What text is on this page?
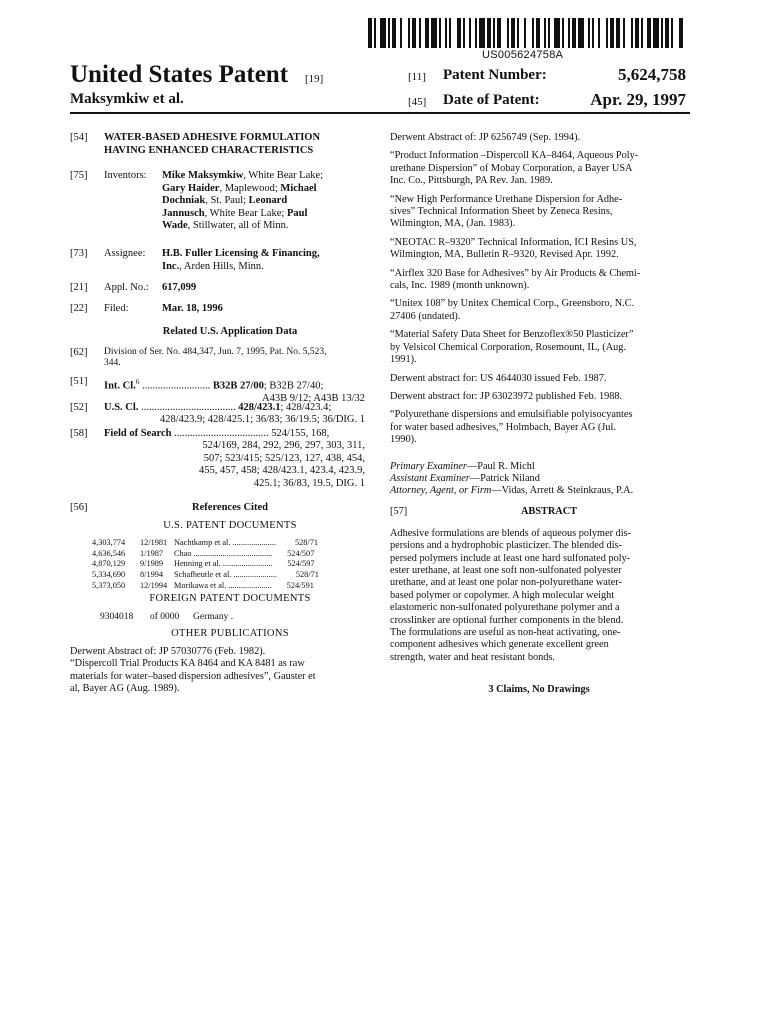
US005624758A
United States Patent [19]
Maksymkiw et al.
[11] Patent Number:	5,624,758
[45] Date of Patent:	Apr. 29, 1997
[54]	WATER-BASED ADHESIVE FORMULATION
HAVING ENHANCED CHARACTERISTICS
[75]	Inventors: Mike Maksymkiw, White Bear Lake;
Gary Haider, Maplewood; Michael
Dochniak, St. Paul; Leonard
Jannusch, White Bear Lake; Paul
Wade, Stillwater, all of Minn.
[73]	Assignee: H.B. Fuller Licensing & Financing,
Inc., Arden Hills, Minn.
[21]	Appl. No.: 617,099
[22]	Filed:	Mar. 18, 1996
Related U.S. Application Data
[62]	Division of Ser. No. 484,347, Jun. 7, 1995, Pat. No. 5,523,
344.
[51]	Int. Cl.$^6$ .......................... B32B 27/00; B32B 27/40;
A43B 9/12; A43B 13/32
[52]	U.S. Cl. .................................... 428/423.1; 428/423.4;
428/423.9; 428/425.1; 36/83; 36/19.5; 36/DIG. 1
[58]	Field of Search .................................... 524/155, 168,
524/169, 284, 292, 296, 297, 303, 311,
507; 523/415; 525/123, 127, 438, 454,
455, 457, 458; 428/423.1, 423.4, 423.9,
425.1; 36/83, 19.5, DIG. 1
[56]	References Cited
U.S. PATENT DOCUMENTS
4,303,774	12/1981 Nachtkamp et al. .....................	528/71
4,636,546	1/1987	Chao ......................................	524/507
4,870,129	9/1989	Henning et al. ........................	524/597
5,334,690	8/1994	Schafheutle et al. .....................	528/71
5,373,050	12/1994 Morikawa et al. .....................	524/591
FOREIGN PATENT DOCUMENTS
9304018	of 0000	Germany .
OTHER PUBLICATIONS
Derwent Abstract of: JP 57030776 (Feb. 1982).
“Dispercoll Trial Products KA 8464 and KA 8481 as raw
materials for water–based dispersion adhesives”, Gauster et
al, Bayer AG (Aug. 1989).
Derwent Abstract of: JP 6256749 (Sep. 1994).
“Product Information –Dispercoll KA–8464, Aqueous Poly-
urethane Dispersion” of Mobay Corporation, a Bayer USA
Inc. Co., Pittsburgh, PA Rev. Jan. 1989.
“New High Performance Urethane Dispersion for Adhe-
sives” Technical Information Sheet by Zeneca Resins,
Wilmington, MA, (Jan. 1983).
“NEOTAC R–9320” Technical Information, ICI Resins US,
Wilmington, MA, Bulletin R–9320, Revised Apr. 1992.
“Airflex 320 Base for Adhesives” by Air Products & Chemi-
cals, Inc. 1989 (month unknown).
“Unitex 108” by Unitex Chemical Corp., Greensboro, N.C.
27406 (undated).
“Material Safety Data Sheet for Benzoflex®50 Plasticizer”
by Velsicol Chemical Corporation, Rosemount, IL, (Aug.
1991).
Derwent abstract for: US 4644030 issued Feb. 1987.
Derwent abstract for: JP 63023972 published Feb. 1988.
“Polyurethane dispersions and emulsifiable polyisocyantes
for water based adhesives,” Holmbach, Bayer AG (Jul.
1990).
Primary Examiner—Paul R. Michl
Assistant Examiner—Patrick Niland
Attorney, Agent, or Firm—Vidas, Arrett & Steinkraus, P.A.
[57]	ABSTRACT
Adhesive formulations are blends of aqueous polymer dis-
persions and a hydrophobic plasticizer. The blended dis-
persed polymers include at least one hard sulfonated poly-
ester urethane, at least one soft non-sulfonated polyester
urethane, and at least one polar non-polyurethane water-
based polymer or copolymer. A high molecular weight
elastomeric non-sulfonated polyurethane polymer and a
crosslinker are optional further components in the blend.
The formulations are useful as non-heat activating, one-
component adhesives which generate excellent green
strength, water and heat resistant bonds.
3 Claims, No Drawings
